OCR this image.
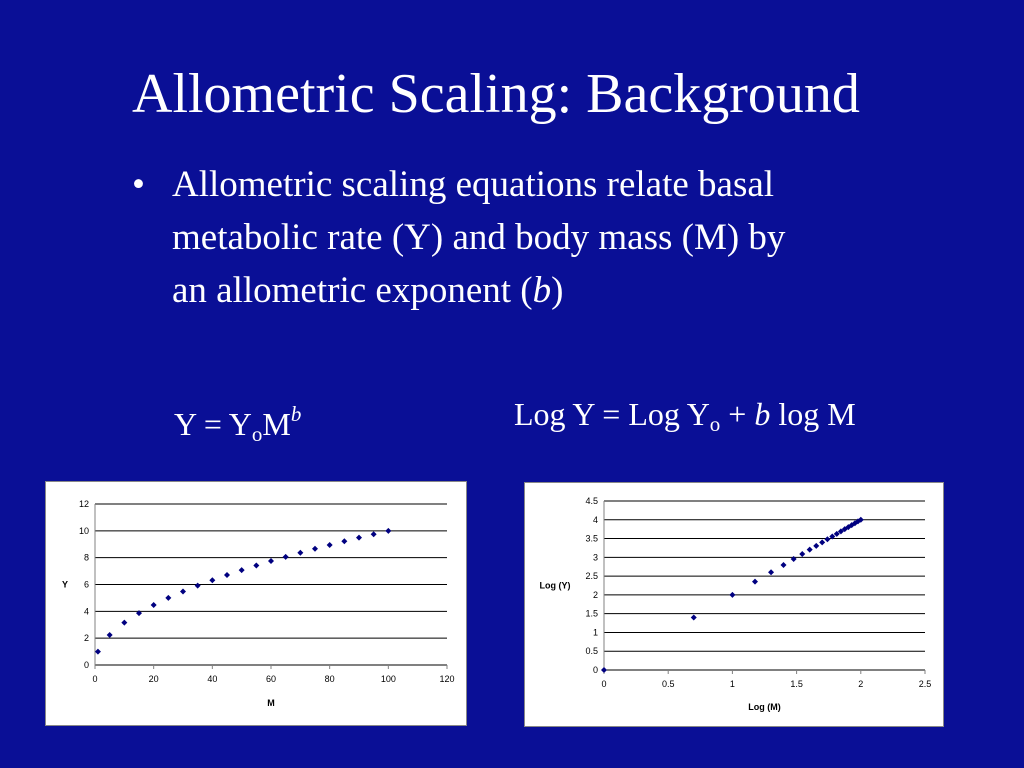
Allometric Scaling: Background
• Allometric scaling equations relate basal
metabolic rate (Y) and body mass (M) by
an allometric exponent (b)
Y = YoM$^b$	Log Y = Log Yo + b log M
0
2
4
6
8
10
12
0	20	40	60	80	100	120
M
Y
0
0.5
1
1.5
2
2.5
3
3.5
4
4.5
0	0.5	1	1.5	2	2.5
Log (M)
Log (Y)
